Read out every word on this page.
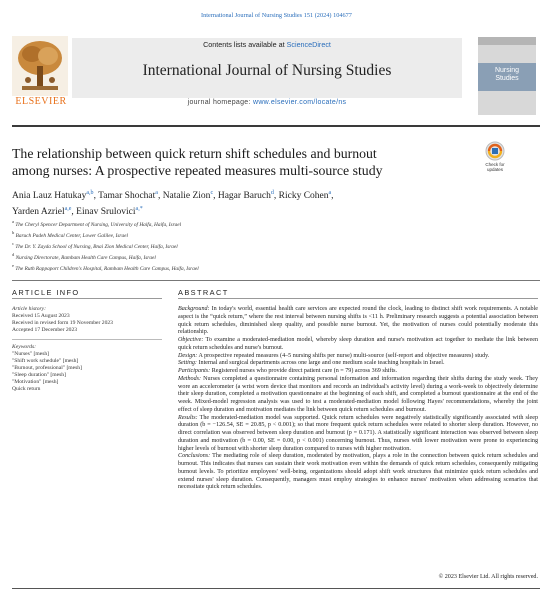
International Journal of Nursing Studies 151 (2024) 104677
Contents lists available at ScienceDirect
International Journal of Nursing Studies
journal homepage: www.elsevier.com/locate/ns
ELSEVIER
Nursing
Studies
The relationship between quick return shift schedules and burnout
among nurses: A prospective repeated measures multi-source study	Check for
updates
Ania Lauz Hatukay$^{a,b}$, Tamar Shochat$^a$, Natalie Zion$^c$, Hagar Baruch$^d$, Ricky Cohen$^a$,
Yarden Azriel$^{a,e}$, Einav Srulovici$^{a,*}$
$^a$ The Cheryl Spencer Department of Nursing, University of Haifa, Haifa, Israel
$^b$ Baruch Padeh Medical Center, Lower Galilee, Israel
$^c$ The Dr. Y. Zayda School of Nursing, Bnai Zion Medical Center, Haifa, Israel
$^d$ Nursing Directorate, Rambam Health Care Campus, Haifa, Israel
$^e$ The Ruth Rappaport Children's Hospital, Rambam Health Care Campus, Haifa, Israel
ARTICLE INFO
Article history:
Received 15 August 2023
Received in revised form 19 November 2023
Accepted 17 December 2023
Keywords:
"Nurses" [mesh]
"Shift work schedule" [mesh]
"Burnout, professional" [mesh]
"Sleep duration" [mesh]
"Motivation" [mesh]
Quick return
ABSTRACT

Background: In today's world, essential health care services are expected round the clock, leading to distinct shift work requirements. A notable aspect is the “quick return,” where the rest interval between nursing shifts is <11 h. Preliminary research suggests a potential association between quick return schedules, diminished sleep quality, and possible nurse burnout. Yet, the motivation of nurses could potentially moderate this relationship.

Objective: To examine a moderated-mediation model, whereby sleep duration and nurse's motivation act together to mediate the link between quick return schedules and nurse's burnout.

Design: A prospective repeated measures (4–5 nursing shifts per nurse) multi-source (self-report and objective measures) study.

Setting: Internal and surgical departments across one large and one medium scale teaching hospitals in Israel.

Participants: Registered nurses who provide direct patient care (n = 79) across 369 shifts.

Methods: Nurses completed a questionnaire containing personal information and information regarding their shifts during the study week. They wore an accelerometer (a wrist worn device that monitors and records an individual's activity level) during a work-week to objectively determine their sleep duration, completed a motivation questionnaire at the beginning of each shift, and completed a burnout questionnaire at the end of the week. Mixed-model regression analysis was used to test a moderated-mediation model following Hayes' recommendations, whereby the joint effect of sleep duration and motivation mediates the link between quick return schedules and burnout.

Results: The moderated-mediation model was supported. Quick return schedules were negatively statistically significantly associated with sleep duration (b = −126.54, SE = 20.85, p < 0.001); so that more frequent quick return schedules were related to shorter sleep duration. However, no direct correlation was observed between sleep duration and burnout (p = 0.171). A statistically significant interaction was observed between sleep duration and motivation (b = 0.00, SE = 0.00, p < 0.001) concerning burnout. Thus, nurses with lower motivation were prone to experiencing higher levels of burnout with shorter sleep duration compared to nurses with higher motivation.

Conclusions: The mediating role of sleep duration, moderated by motivation, plays a role in the connection between quick return schedules and burnout. This indicates that nurses can sustain their work motivation even within the demands of quick return schedules, consequently mitigating burnout levels. To prioritize employees' well-being, organizations should adopt shift work structures that minimize quick return schedules and extend nurses' sleep duration. Consequently, managers must employ strategies to enhance nurses' motivation when addressing scenarios that necessitate quick return schedules.

© 2023 Elsevier Ltd. All rights reserved.
